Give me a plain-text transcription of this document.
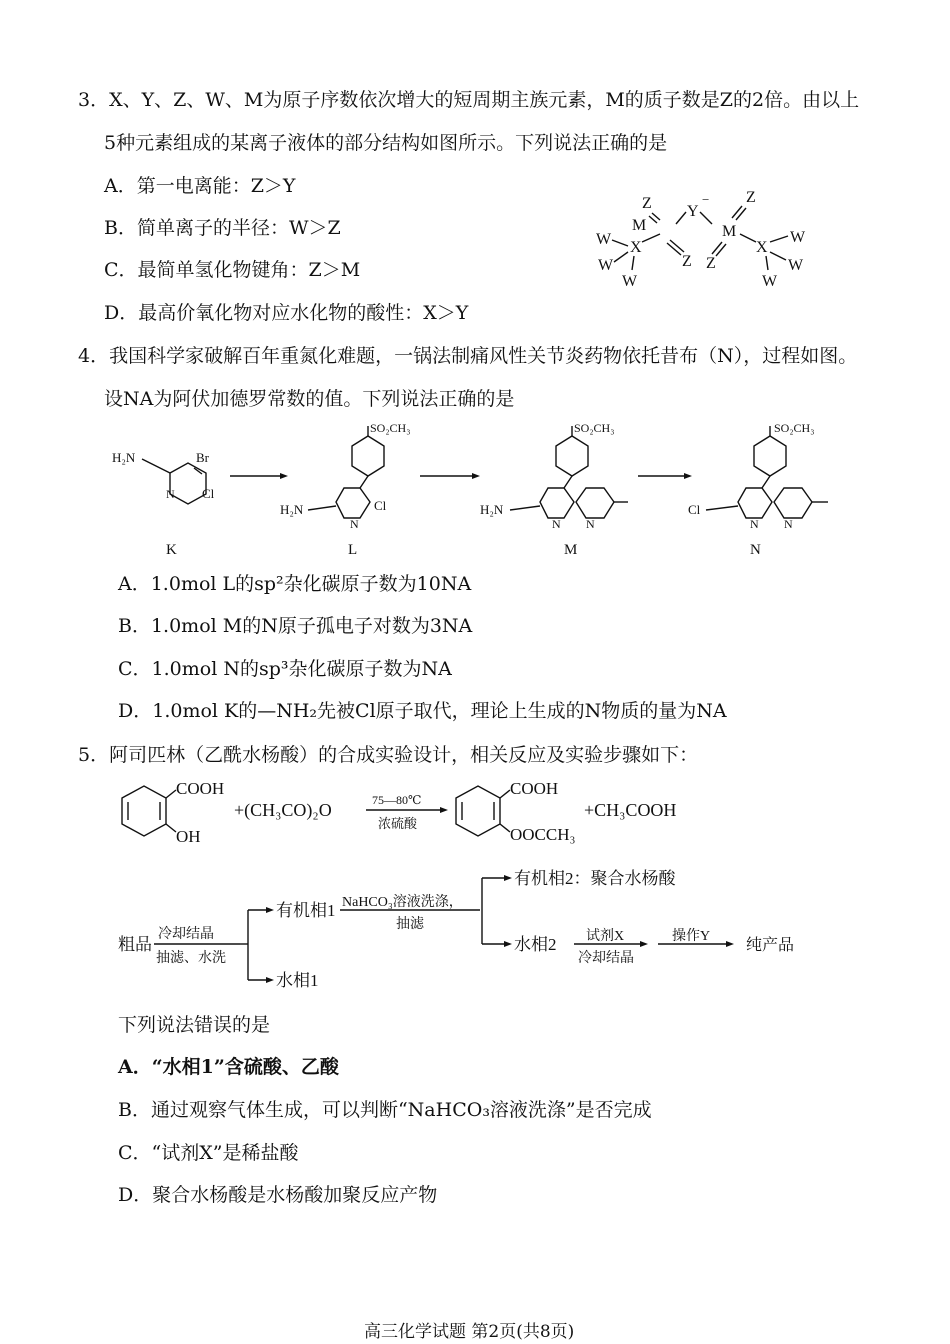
3．X、Y、Z、W、M为原子序数依次增大的短周期主族元素，M的质子数是Z的2倍。由以上
5种元素组成的某离子液体的部分结构如图所示。下列说法正确的是
A．第一电离能：Z＞Y
B．简单离子的半径：W＞Z
C．最简单氢化物键角：Z＞M
D．最高价氧化物对应水化物的酸性：X＞Y
M
Z Y
−
M
Z
X
Z
W
W
W
Z
X
W
W
W
4．我国科学家破解百年重氮化难题，一锅法制痛风性关节炎药物依托昔布（N），过程如图。
设NA为阿伏加德罗常数的值。下列说法正确的是
H₂N	Br
N Cl
K
SO₂CH₃
H₂N
N
Cl
L
SO₂CH₃
H₂N
N N
M
SO₂CH₃
Cl
N N
N
A．1.0mol L的sp²杂化碳原子数为10NA
B．1.0mol M的N原子孤电子对数为3NA
C．1.0mol N的sp³杂化碳原子数为NA
D．1.0mol K的—NH₂先被Cl原子取代，理论上生成的N物质的量为NA
5．阿司匹林（乙酰水杨酸）的合成实验设计，相关反应及实验步骤如下：
COOH
OH
+(CH₃CO)₂O	75—80℃
浓硫酸
COOH
OOCCH₃
+CH₃COOH
粗品
冷却结晶
抽滤、水洗
有机相1
水相1
NaHCO₃溶液洗涤，
抽滤
有机相2：聚合水杨酸
水相2 试剂X
冷却结晶
操作Y
纯产品
下列说法错误的是
A．“水相1”含硫酸、乙酸
B．通过观察气体生成，可以判断“NaHCO₃溶液洗涤”是否完成
C．“试剂X”是稀盐酸
D．聚合水杨酸是水杨酸加聚反应产物
高三化学试题 第2页(共8页)
